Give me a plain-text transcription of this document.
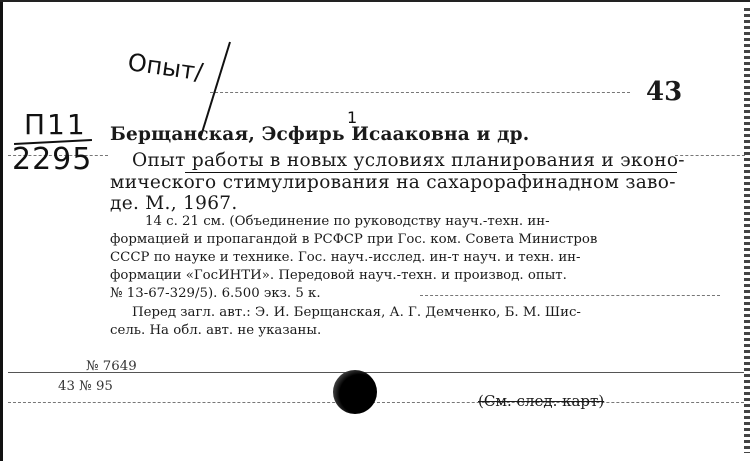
Опыт/
П11
2295
43
Берщанская, Эсфирь Исааковна и др.
1
Опыт работы в новых условиях планирования и эконо-
мического стимулирования на сахарорафинадном заво-
де. М., 1967.
14 с. 21 см. (Объединение по руководству науч.-техн. ин-
формацией и пропагандой в РСФСР при Гос. ком. Совета Министров
СССР по науке и технике. Гос. науч.-исслед. ин-т науч. и техн. ин-
формации «ГосИНТИ». Передовой науч.-техн. и производ. опыт.
№ 13-67-329/5). 6.500 экз. 5 к.
Перед загл. авт.: Э. И. Берщанская, А. Г. Демченко, Б. М. Шис-
сель. На обл. авт. не указаны.
№ 7649
43 № 95
(См. след. карт)
